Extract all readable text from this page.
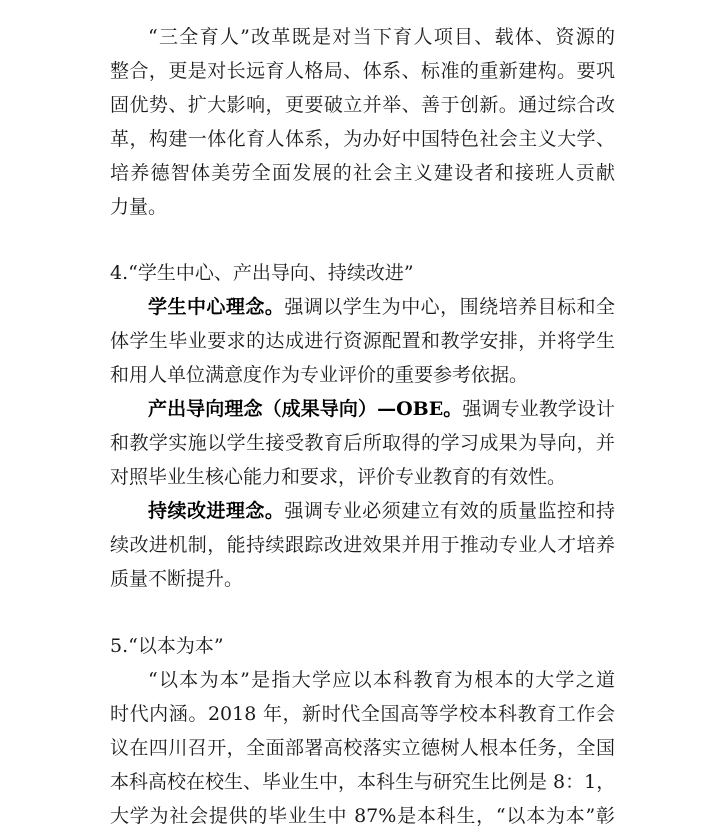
“三全育人”改革既是对当下育人项目、载体、资源的
整合，更是对长远育人格局、体系、标准的重新建构。要巩
固优势、扩大影响，更要破立并举、善于创新。通过综合改
革，构建一体化育人体系，为办好中国特色社会主义大学、
培养德智体美劳全面发展的社会主义建设者和接班人贡献
力量。
4.“学生中心、产出导向、持续改进”
学生中心理念。强调以学生为中心，围绕培养目标和全
体学生毕业要求的达成进行资源配置和教学安排，并将学生
和用人单位满意度作为专业评价的重要参考依据。
产出导向理念（成果导向）—OBE。强调专业教学设计
和教学实施以学生接受教育后所取得的学习成果为导向，并
对照毕业生核心能力和要求，评价专业教育的有效性。
持续改进理念。强调专业必须建立有效的质量监控和持
续改进机制，能持续跟踪改进效果并用于推动专业人才培养
质量不断提升。
5.“以本为本”
“以本为本”是指大学应以本科教育为根本的大学之道
时代内涵。2018 年，新时代全国高等学校本科教育工作会
议在四川召开，全面部署高校落实立德树人根本任务，全国
本科高校在校生、毕业生中，本科生与研究生比例是 8：1，
大学为社会提供的毕业生中 87%是本科生，“以本为本”彰
